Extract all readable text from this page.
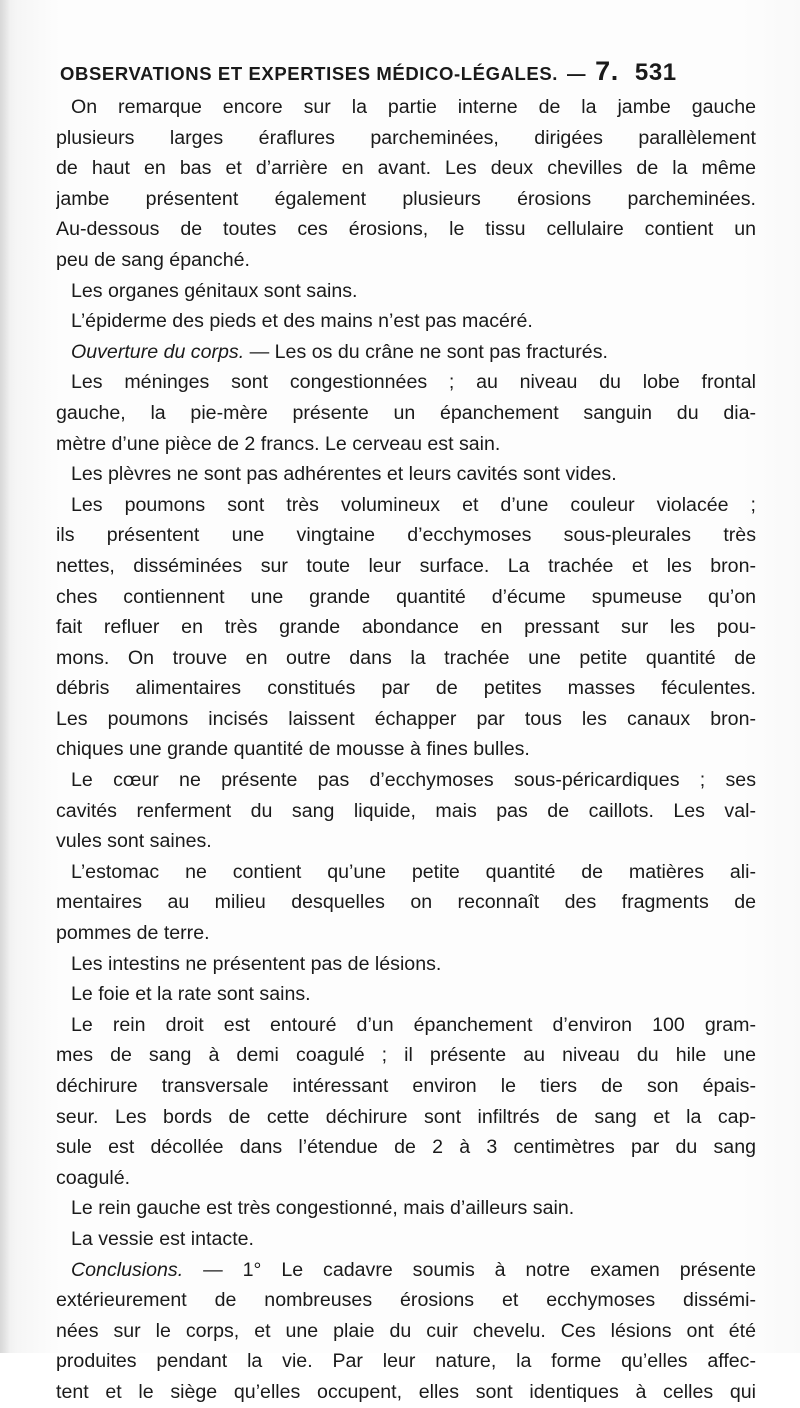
OBSERVATIONS ET EXPERTISES MÉDICO-LÉGALES. — 7. 531
On remarque encore sur la partie interne de la jambe gauche
plusieurs larges éraflures parcheminées, dirigées parallèlement
de haut en bas et d’arrière en avant. Les deux chevilles de la même
jambe présentent également plusieurs érosions parcheminées.
Au-dessous de toutes ces érosions, le tissu cellulaire contient un
peu de sang épanché.
Les organes génitaux sont sains.
L’épiderme des pieds et des mains n’est pas macéré.
Ouverture du corps. — Les os du crâne ne sont pas fracturés.
Les méninges sont congestionnées ; au niveau du lobe frontal
gauche, la pie-mère présente un épanchement sanguin du dia-
mètre d’une pièce de 2 francs. Le cerveau est sain.
Les plèvres ne sont pas adhérentes et leurs cavités sont vides.
Les poumons sont très volumineux et d’une couleur violacée ;
ils présentent une vingtaine d’ecchymoses sous-pleurales très
nettes, disséminées sur toute leur surface. La trachée et les bron-
ches contiennent une grande quantité d’écume spumeuse qu’on
fait refluer en très grande abondance en pressant sur les pou-
mons. On trouve en outre dans la trachée une petite quantité de
débris alimentaires constitués par de petites masses féculentes.
Les poumons incisés laissent échapper par tous les canaux bron-
chiques une grande quantité de mousse à fines bulles.
Le cœur ne présente pas d’ecchymoses sous-péricardiques ; ses
cavités renferment du sang liquide, mais pas de caillots. Les val-
vules sont saines.
L’estomac ne contient qu’une petite quantité de matières ali-
mentaires au milieu desquelles on reconnaît des fragments de
pommes de terre.
Les intestins ne présentent pas de lésions.
Le foie et la rate sont sains.
Le rein droit est entouré d’un épanchement d’environ 100 gram-
mes de sang à demi coagulé ; il présente au niveau du hile une
déchirure transversale intéressant environ le tiers de son épais-
seur. Les bords de cette déchirure sont infiltrés de sang et la cap-
sule est décollée dans l’étendue de 2 à 3 centimètres par du sang
coagulé.
Le rein gauche est très congestionné, mais d’ailleurs sain.
La vessie est intacte.
Conclusions. — 1° Le cadavre soumis à notre examen présente
extérieurement de nombreuses érosions et ecchymoses dissémi-
nées sur le corps, et une plaie du cuir chevelu. Ces lésions ont été
produites pendant la vie. Par leur nature, la forme qu’elles affec-
tent et le siège qu’elles occupent, elles sont identiques à celles qui
